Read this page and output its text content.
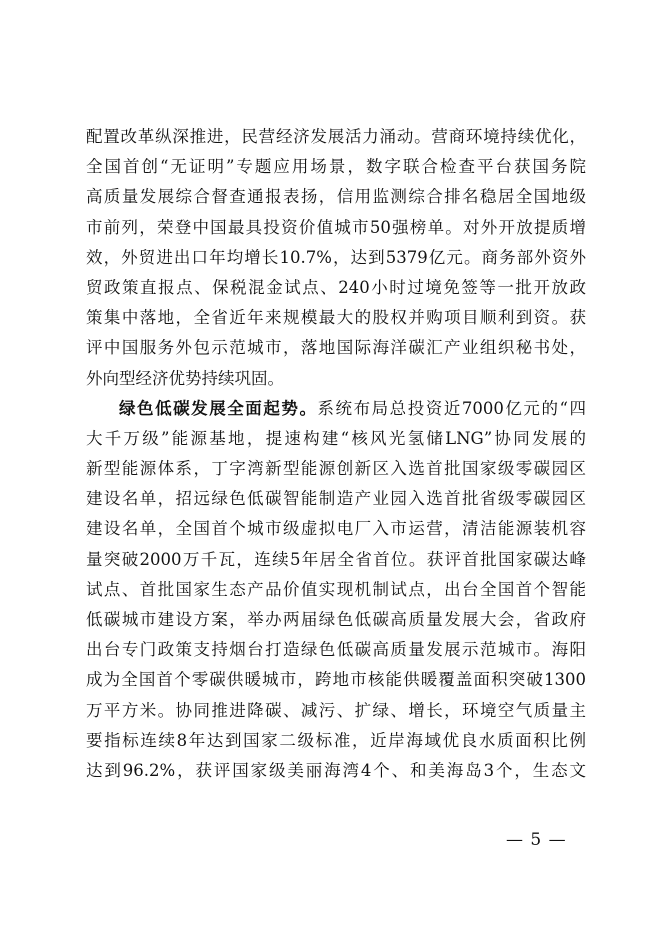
配置改革纵深推进，民营经济发展活力涌动。营商环境持续优化，
全国首创“无证明”专题应用场景，数字联合检查平台获国务院
高质量发展综合督查通报表扬，信用监测综合排名稳居全国地级
市前列，荣登中国最具投资价值城市50强榜单。对外开放提质增
效，外贸进出口年均增长10.7%，达到5379亿元。商务部外资外
贸政策直报点、保税混金试点、240小时过境免签等一批开放政
策集中落地，全省近年来规模最大的股权并购项目顺利到资。获
评中国服务外包示范城市，落地国际海洋碳汇产业组织秘书处，
外向型经济优势持续巩固。
绿色低碳发展全面起势。系统布局总投资近7000亿元的“四
大千万级”能源基地，提速构建“核风光氢储LNG”协同发展的
新型能源体系，丁字湾新型能源创新区入选首批国家级零碳园区
建设名单，招远绿色低碳智能制造产业园入选首批省级零碳园区
建设名单，全国首个城市级虚拟电厂入市运营，清洁能源装机容
量突破2000万千瓦，连续5年居全省首位。获评首批国家碳达峰
试点、首批国家生态产品价值实现机制试点，出台全国首个智能
低碳城市建设方案，举办两届绿色低碳高质量发展大会，省政府
出台专门政策支持烟台打造绿色低碳高质量发展示范城市。海阳
成为全国首个零碳供暖城市，跨地市核能供暖覆盖面积突破1300
万平方米。协同推进降碳、减污、扩绿、增长，环境空气质量主
要指标连续8年达到国家二级标准，近岸海域优良水质面积比例
达到96.2%，获评国家级美丽海湾4个、和美海岛3个，生态文
— 5 —
